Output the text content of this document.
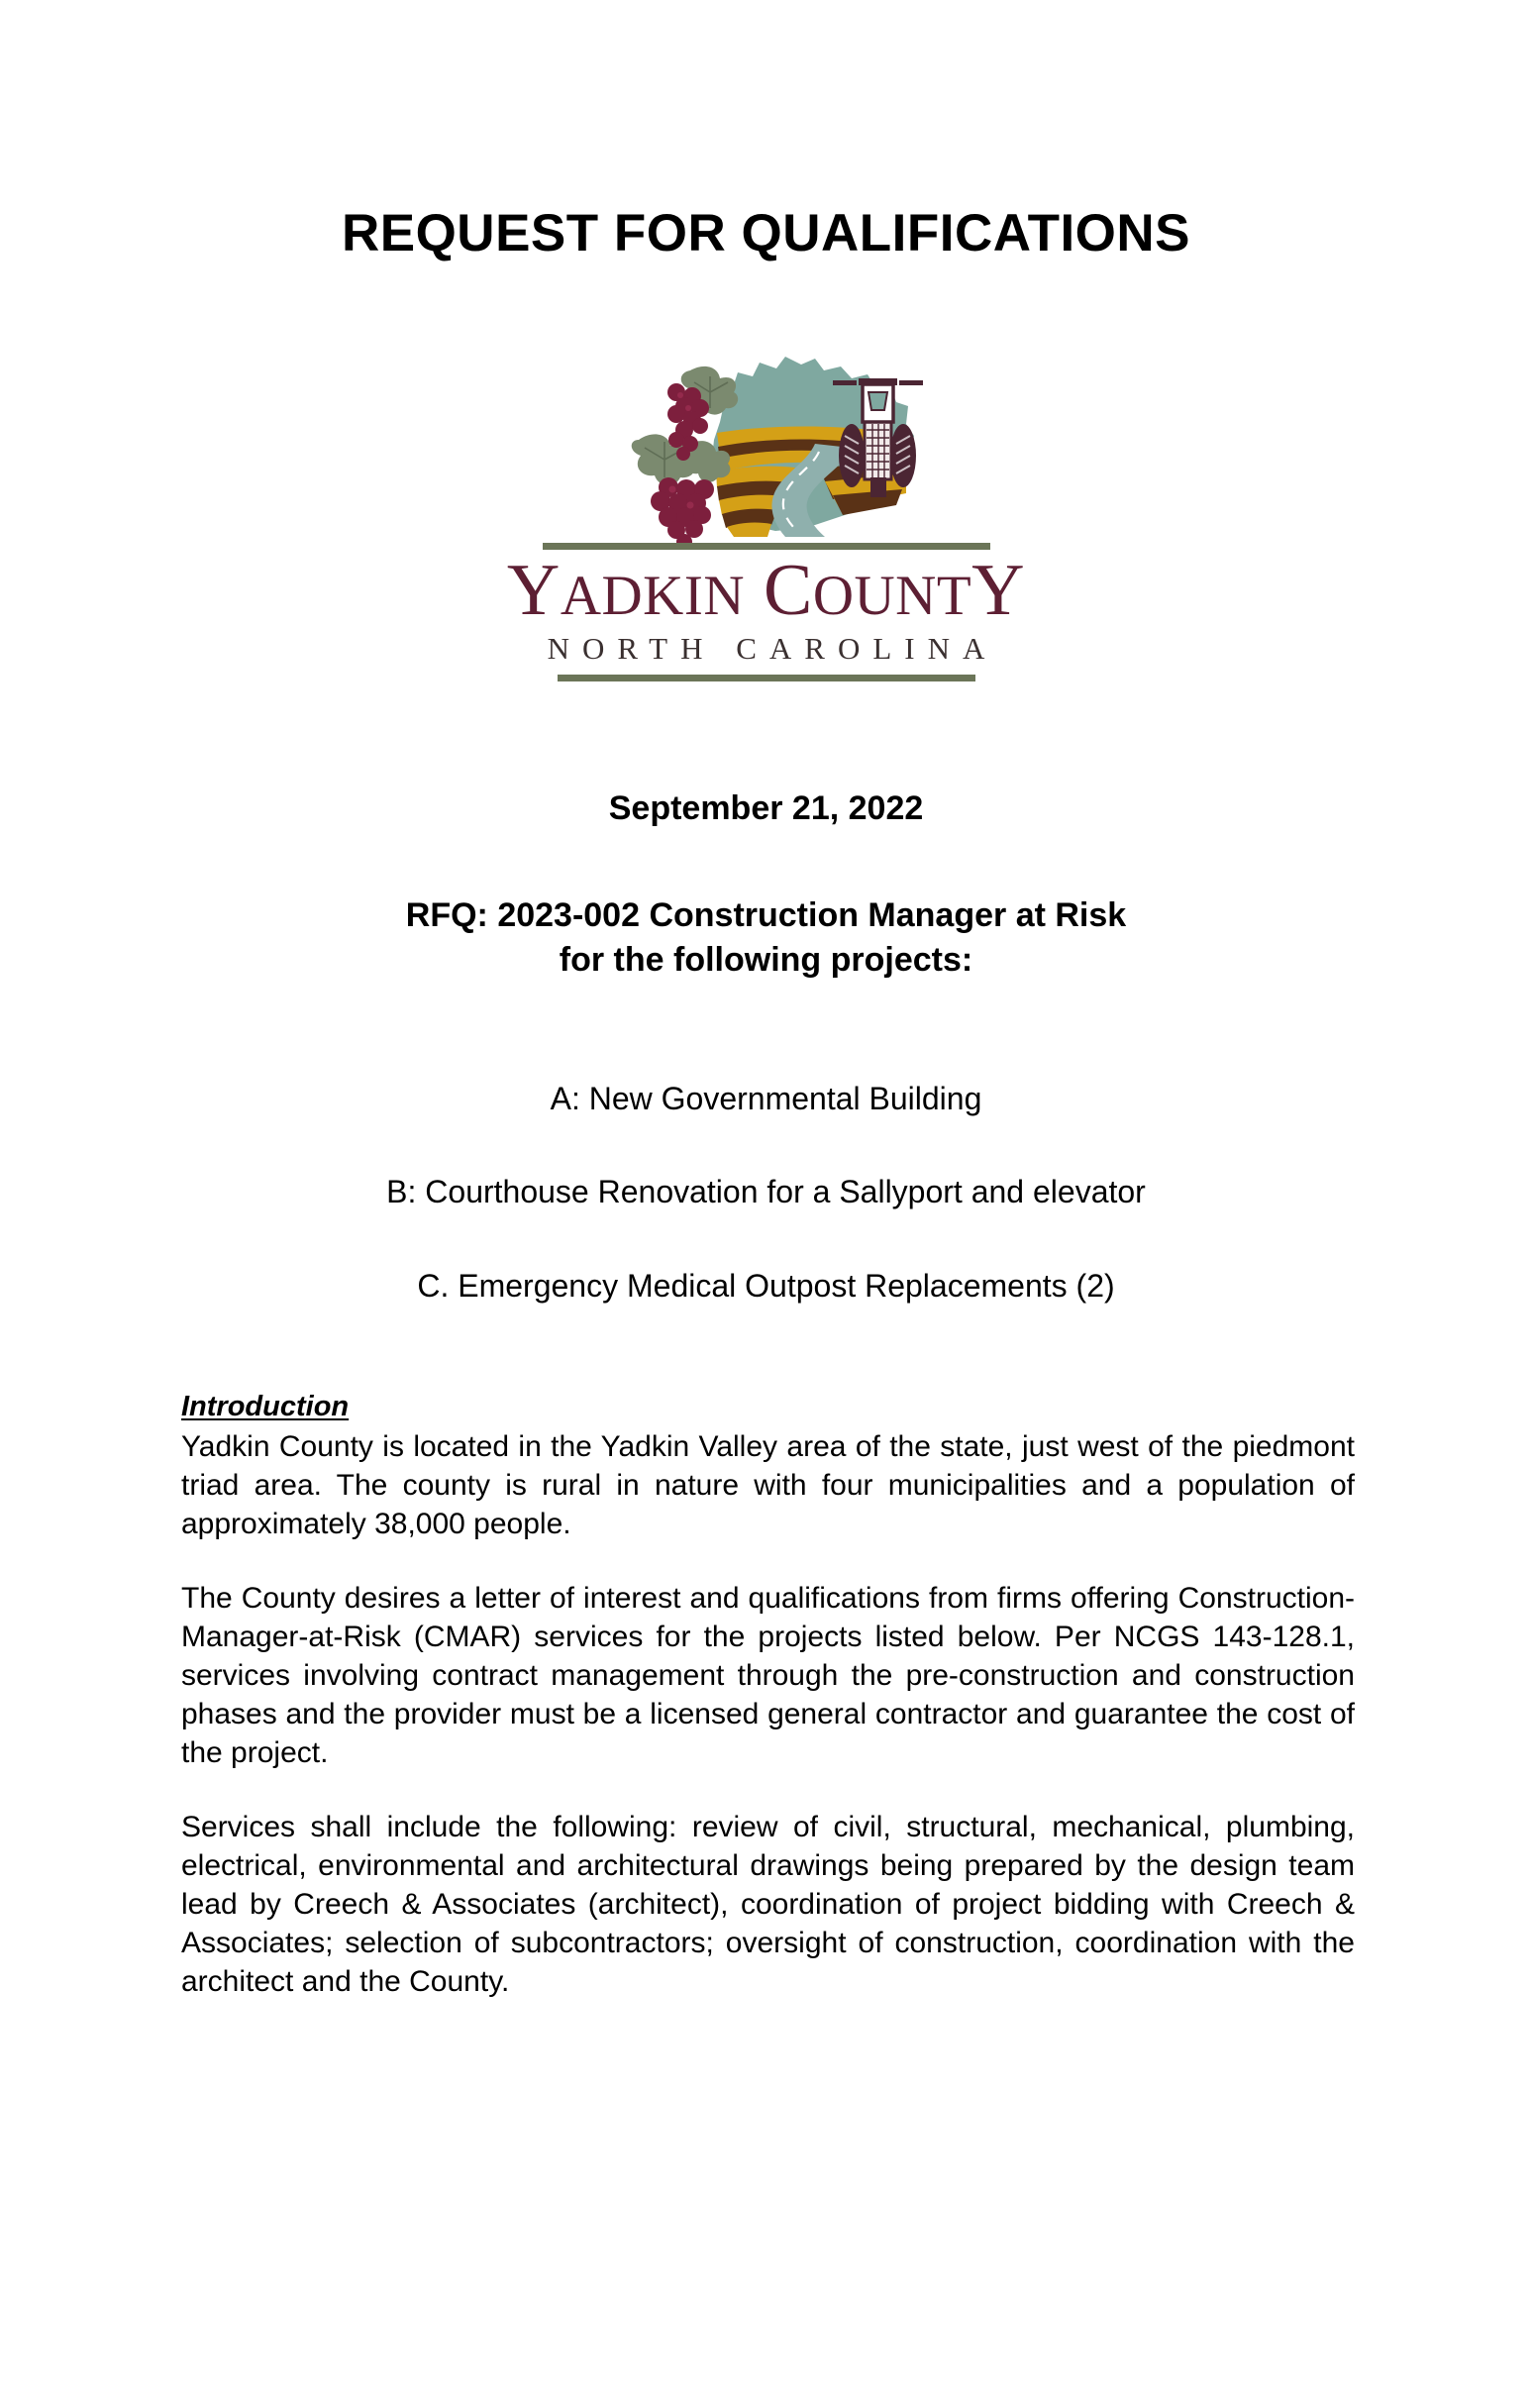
REQUEST FOR QUALIFICATIONS
YADKIN COUNTY
NORTH CAROLINA
September 21, 2022
RFQ: 2023-002 Construction Manager at Risk
for the following projects:
A: New Governmental Building
B: Courthouse Renovation for a Sallyport and elevator
C. Emergency Medical Outpost Replacements (2)
Introduction

Yadkin County is located in the Yadkin Valley area of the state, just west of the piedmont triad area. The county is rural in nature with four municipalities and a population of approximately 38,000 people.

The County desires a letter of interest and qualifications from firms offering Construction-Manager-at-Risk (CMAR) services for the projects listed below. Per NCGS 143-128.1, services involving contract management through the pre-construction and construction phases and the provider must be a licensed general contractor and guarantee the cost of the project.

Services shall include the following: review of civil, structural, mechanical, plumbing, electrical, environmental and architectural drawings being prepared by the design team lead by Creech & Associates (architect), coordination of project bidding with Creech & Associates; selection of subcontractors; oversight of construction, coordination with the architect and the County.
